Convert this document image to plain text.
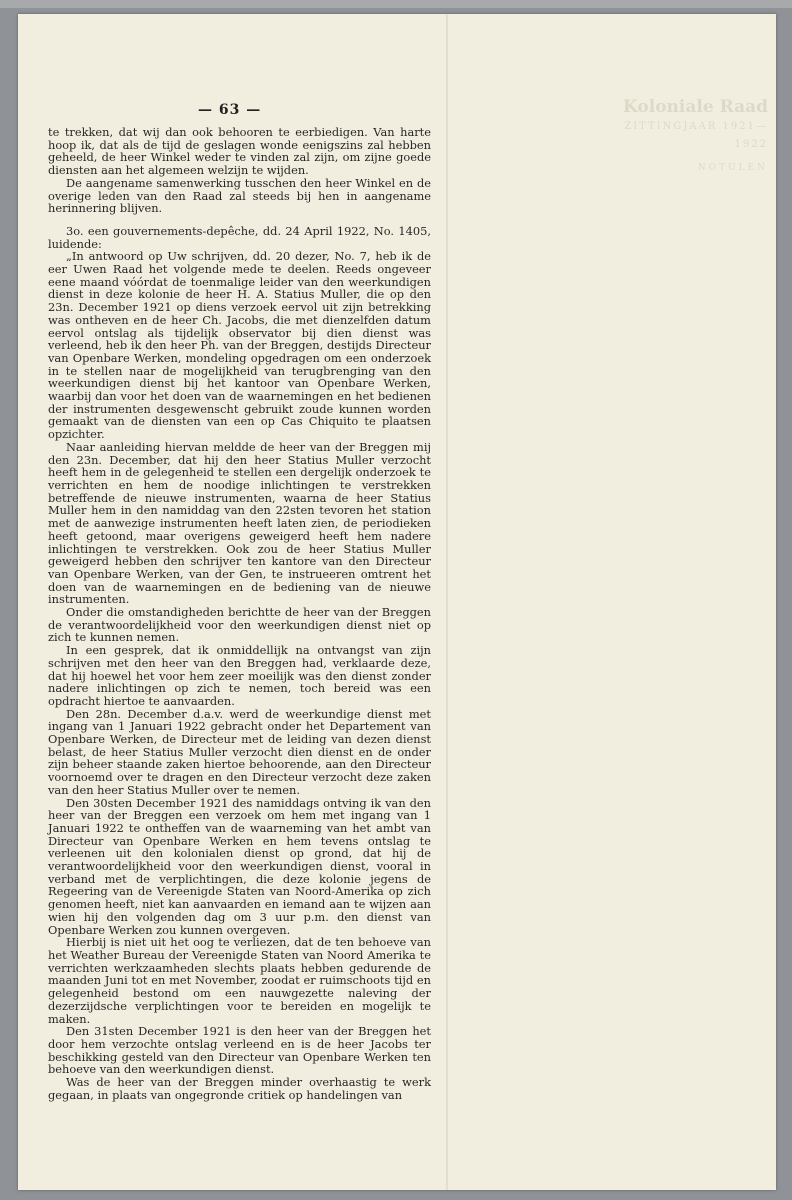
Koloniale Raad
ZITTINGJAAR 1921—1922
NOTULEN
— 63 —

te trekken, dat wij dan ook behooren te eerbiedigen. Van harte hoop ik, dat als de tijd de geslagen wonde eenigszins zal hebben geheeld, de heer Winkel weder te vinden zal zijn, om zijne goede diensten aan het algemeen welzijn te wijden.

De aangename samenwerking tusschen den heer Winkel en de overige leden van den Raad zal steeds bij hen in aangename herinnering blijven.

3o. een gouvernements-depêche, dd. 24 April 1922, No. 1405, luidende:

„In antwoord op Uw schrijven, dd. 20 dezer, No. 7, heb ik de eer Uwen Raad het volgende mede te deelen. Reeds ongeveer eene maand vóórdat de toenmalige leider van den weerkundigen dienst in deze kolonie de heer H. A. Statius Muller, die op den 23n. December 1921 op diens verzoek eervol uit zijn betrekking was ontheven en de heer Ch. Jacobs, die met dienzelfden datum eervol ontslag als tijdelijk observator bij dien dienst was verleend, heb ik den heer Ph. van der Breggen, destijds Directeur van Openbare Werken, mondeling opgedragen om een onderzoek in te stellen naar de mogelijkheid van terugbrenging van den weerkundigen dienst bij het kantoor van Openbare Werken, waarbij dan voor het doen van de waarnemingen en het bedienen der instrumenten desgewenscht gebruikt zoude kunnen worden gemaakt van de diensten van een op Cas Chiquito te plaatsen opzichter.

Naar aanleiding hiervan meldde de heer van der Breggen mij den 23n. December, dat hij den heer Statius Muller verzocht heeft hem in de gelegenheid te stellen een dergelijk onderzoek te verrichten en hem de noodige inlichtingen te verstrekken betreffende de nieuwe instrumenten, waarna de heer Statius Muller hem in den namiddag van den 22sten tevoren het station met de aanwezige instrumenten heeft laten zien, de periodieken heeft getoond, maar overigens geweigerd heeft hem nadere inlichtingen te verstrekken. Ook zou de heer Statius Muller geweigerd hebben den schrijver ten kantore van den Directeur van Openbare Werken, van der Gen, te instrueeren omtrent het doen van de waarnemingen en de bediening van de nieuwe instrumenten.

Onder die omstandigheden berichtte de heer van der Breggen de verantwoordelijkheid voor den weerkundigen dienst niet op zich te kunnen nemen.

In een gesprek, dat ik onmiddellijk na ontvangst van zijn schrijven met den heer van den Breggen had, verklaarde deze, dat hij hoewel het voor hem zeer moeilijk was den dienst zonder nadere inlichtingen op zich te nemen, toch bereid was een opdracht hiertoe te aanvaarden.

Den 28n. December d.a.v. werd de weerkundige dienst met ingang van 1 Januari 1922 gebracht onder het Departement van Openbare Werken, de Directeur met de leiding van dezen dienst belast, de heer Statius Muller verzocht dien dienst en de onder zijn beheer staande zaken hiertoe behoorende, aan den Directeur voornoemd over te dragen en den Directeur verzocht deze zaken van den heer Statius Muller over te nemen.

Den 30sten December 1921 des namiddags ontving ik van den heer van der Breggen een verzoek om hem met ingang van 1 Januari 1922 te ontheffen van de waarneming van het ambt van Directeur van Openbare Werken en hem tevens ontslag te verleenen uit den kolonialen dienst op grond, dat hij de verantwoordelijkheid voor den weerkundigen dienst, vooral in verband met de verplichtingen, die deze kolonie jegens de Regeering van de Vereenigde Staten van Noord-Amerika op zich genomen heeft, niet kan aanvaarden en iemand aan te wijzen aan wien hij den volgenden dag om 3 uur p.m. den dienst van Openbare Werken zou kunnen overgeven.

Hierbij is niet uit het oog te verliezen, dat de ten behoeve van het Weather Bureau der Vereenigde Staten van Noord Amerika te verrichten werkzaamheden slechts plaats hebben gedurende de maanden Juni tot en met November, zoodat er ruimschoots tijd en gelegenheid bestond om een nauwgezette naleving der dezerzijdsche verplichtingen voor te bereiden en mogelijk te maken.

Den 31sten December 1921 is den heer van der Breggen het door hem verzochte ontslag verleend en is de heer Jacobs ter beschikking gesteld van den Directeur van Openbare Werken ten behoeve van den weerkundigen dienst.

Was de heer van der Breggen minder overhaastig te werk gegaan, in plaats van ongegronde critiek op handelingen van
